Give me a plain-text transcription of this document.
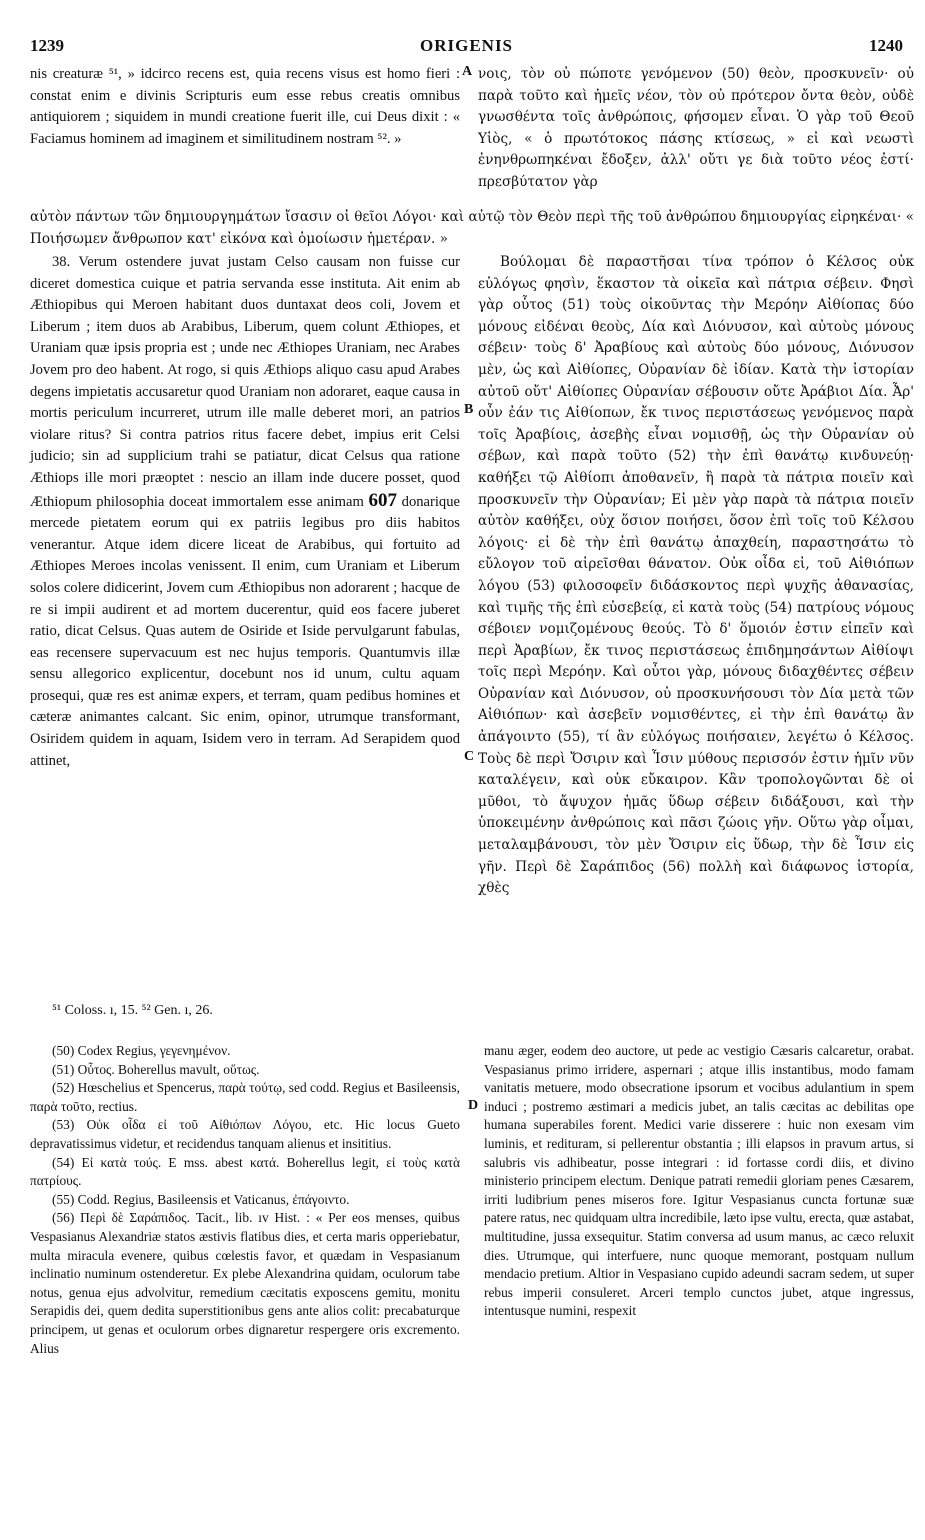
1239	ORIGENIS	1240

nis creaturæ ⁵¹, » idcirco recens est, quia recens visus est homo fieri : constat enim e divinis Scripturis eum esse rebus creatis omnibus antiquiorem ; siquidem in mundi creatione fuerit ille, cui Deus dixit : « Faciamus hominem ad imaginem et similitudinem nostram ⁵². »

A νοις, τὸν οὐ πώποτε γενόμενον (50) θεὸν, προσκυνεῖν· οὐ παρὰ τοῦτο καὶ ἡμεῖς νέον, τὸν οὐ πρότερον ὄντα θεὸν, οὐδὲ γνωσθέντα τοῖς ἀνθρώποις, φήσομεν εἶναι. Ὁ γὰρ τοῦ Θεοῦ Υἱὸς, « ὁ πρωτότοκος πάσης κτίσεως, » εἰ καὶ νεωστὶ ἐνηνθρωπηκέναι ἔδοξεν, ἀλλ' οὔτι γε διὰ τοῦτο νέος ἐστί· πρεσβύτατον γὰρ

αὐτὸν πάντων τῶν δημιουργημάτων ἴσασιν οἱ θεῖοι Λόγοι· καὶ αὐτῷ τὸν Θεὸν περὶ τῆς τοῦ ἀνθρώπου δημιουργίας εἰρηκέναι· « Ποιήσωμεν ἄνθρωπον κατ' εἰκόνα καὶ ὁμοίωσιν ἡμετέραν. »

38. Verum ostendere juvat justam Celso causam non fuisse cur diceret domestica cuique et patria servanda esse instituta. Ait enim ab Æthiopibus qui Meroen habitant duos duntaxat deos coli, Jovem et Liberum ; item duos ab Arabibus, Liberum, quem colunt Æthiopes, et Uraniam quæ ipsis propria est ; unde nec Æthiopes Uraniam, nec Arabes Jovem pro deo habent. At rogo, si quis Æthiops aliquo casu apud Arabes degens impietatis accusaretur quod Uraniam non adoraret, eaque causa in mortis periculum incurreret, utrum ille malle deberet mori, an patrios violare ritus? Si contra patrios ritus facere debet, impius erit Celsi judicio; sin ad supplicium trahi se patiatur, dicat Celsus qua ratione Æthiops ille mori præoptet : nescio an illam inde ducere posset, quod Æthiopum philosophia doceat immortalem esse animam 607 donarique mercede pietatem eorum qui ex patriis legibus pro diis habitos venerantur. Atque idem dicere liceat de Arabibus, qui fortuito ad Æthiopes Meroes incolas venissent. Il enim, cum Uraniam et Liberum solos colere didicerint, Jovem cum Æthiopibus non adorarent ; hacque de re si impii audirent et ad mortem ducerentur, quid eos facere juberet ratio, dicat Celsus. Quas autem de Osiride et Iside pervulgarunt fabulas, eas recensere supervacuum est nec hujus temporis. Quantumvis illæ sensu allegorico explicentur, docebunt nos id unum, cultu aquam prosequi, quæ res est animæ expers, et terram, quam pedibus homines et cæteræ animantes calcant. Sic enim, opinor, utrumque transformant, Osiridem quidem in aquam, Isidem vero in terram. Ad Serapidem quod attinet,

B
C

Βούλομαι δὲ παραστῆσαι τίνα τρόπον ὁ Κέλσος οὐκ εὐλόγως φησὶν, ἕκαστον τὰ οἰκεῖα καὶ πάτρια σέβειν. Φησὶ γὰρ οὗτος (51) τοὺς οἰκοῦντας τὴν Μερόην Αἰθίοπας δύο μόνους εἰδέναι θεοὺς, Δία καὶ Διόνυσον, καὶ αὐτοὺς μόνους σέβειν· τοὺς δ' Ἀραβίους καὶ αὐτοὺς δύο μόνους, Διόνυσον μὲν, ὡς καὶ Αἰθίοπες, Οὐρανίαν δὲ ἰδίαν. Κατὰ τὴν ἱστορίαν αὐτοῦ οὔτ' Αἰθίοπες Οὐρανίαν σέβουσιν οὔτε Ἀράβιοι Δία. Ἆρ' οὖν ἐάν τις Αἰθίοπων, ἔκ τινος περιστάσεως γενόμενος παρὰ τοῖς Ἀραβίοις, ἀσεβὴς εἶναι νομισθῇ, ὡς τὴν Οὐρανίαν οὐ σέβων, καὶ παρὰ τοῦτο (52) τὴν ἐπὶ θανάτῳ κινδυνεύῃ· καθήξει τῷ Αἰθίοπι ἀποθανεῖν, ἢ παρὰ τὰ πάτρια ποιεῖν καὶ προσκυνεῖν τὴν Οὐρανίαν; Εἰ μὲν γὰρ παρὰ τὰ πάτρια ποιεῖν αὐτὸν καθήξει, οὐχ ὅσιον ποιήσει, ὅσον ἐπὶ τοῖς τοῦ Κέλσου λόγοις· εἰ δὲ τὴν ἐπὶ θανάτῳ ἀπαχθείη, παραστησάτω τὸ εὔλογον τοῦ αἱρεῖσθαι θάνατον. Οὐκ οἶδα εἰ, τοῦ Αἰθιόπων λόγου (53) φιλοσοφεῖν διδάσκοντος περὶ ψυχῆς ἀθανασίας, καὶ τιμῆς τῆς ἐπὶ εὐσεβείᾳ, εἰ κατὰ τοὺς (54) πατρίους νόμους σέβοιεν νομιζομένους θεούς. Τὸ δ' ὅμοιόν ἐστιν εἰπεῖν καὶ περὶ Ἀραβίων, ἔκ τινος περιστάσεως ἐπιδημησάντων Αἰθίοψι τοῖς περὶ Μερόην. Καὶ οὗτοι γὰρ, μόνους διδαχθέντες σέβειν Οὐρανίαν καὶ Διόνυσον, οὐ προσκυνήσουσι τὸν Δία μετὰ τῶν Αἰθιόπων· καὶ ἀσεβεῖν νομισθέντες, εἰ τὴν ἐπὶ θανάτῳ ἂν ἀπάγοιντο (55), τί ἂν εὐλόγως ποιήσαιεν, λεγέτω ὁ Κέλσος. Τοὺς δὲ περὶ Ὄσιριν καὶ Ἶσιν μύθους περισσόν ἐστιν ἡμῖν νῦν καταλέγειν, καὶ οὐκ εὔκαιρον. Κἂν τροπολογῶνται δὲ οἱ μῦθοι, τὸ ἄψυχον ἡμᾶς ὕδωρ σέβειν διδάξουσι, καὶ τὴν ὑποκειμένην ἀνθρώποις καὶ πᾶσι ζώοις γῆν. Οὕτω γὰρ οἶμαι, μεταλαμβάνουσι, τὸν μὲν Ὄσιριν εἰς ὕδωρ, τὴν δὲ Ἶσιν εἰς γῆν. Περὶ δὲ Σαράπιδος (56) πολλὴ καὶ διάφωνος ἱστορία, χθὲς

⁵¹ Coloss. ı, 15. ⁵² Gen. ı, 26.

(50) Codex Regius, γεγενημένον.

(51) Οὗτος. Boherellus mavult, οὕτως.

(52) Hœschelius et Spencerus, παρὰ τούτῳ, sed codd. Regius et Basileensis, παρὰ τοῦτο, rectius.

(53) Οὐκ οἶδα εἰ τοῦ Αἰθιόπων Λόγου, etc. Hic locus Gueto depravatissimus videtur, et recidendus tanquam alienus et insititius.

(54) Εἰ κατὰ τούς. E mss. abest κατά. Boherellus legit, εἰ τοὺς κατὰ πατρίους.

(55) Codd. Regius, Basileensis et Vaticanus, ἐπάγοιντο.

(56) Περὶ δὲ Σαράπιδος. Tacit., lib. ıv Hist. : « Per eos menses, quibus Vespasianus Alexandriæ statos æstivis flatibus dies, et certa maris opperiebatur, multa miracula evenere, quibus cœlestis favor, et quædam in Vespasianum inclinatio numinum ostenderetur. Ex plebe Alexandrina quidam, oculorum tabe notus, genua ejus advolvitur, remedium cæcitatis exposcens gemitu, monitu Serapidis dei, quem dedita superstitionibus gens ante alios colit: precabaturque principem, ut genas et oculorum orbes dignaretur respergere oris excremento. Alius

D

manu æger, eodem deo auctore, ut pede ac vestigio Cæsaris calcaretur, orabat. Vespasianus primo irridere, aspernari ; atque illis instantibus, modo famam vanitatis metuere, modo obsecratione ipsorum et vocibus adulantium in spem induci ; postremo æstimari a medicis jubet, an talis cæcitas ac debilitas ope humana superabiles forent. Medici varie disserere : huic non exesam vim luminis, et redituram, si pellerentur obstantia ; illi elapsos in pravum artus, si salubris vis adhibeatur, posse integrari : id fortasse cordi diis, et divino ministerio principem electum. Denique patrati remedii gloriam penes Cæsarem, irriti ludibrium penes miseros fore. Igitur Vespasianus cuncta fortunæ suæ patere ratus, nec quidquam ultra incredibile, læto ipse vultu, erecta, quæ astabat, multitudine, jussa exsequitur. Statim conversa ad usum manus, ac cæco reluxit dies. Utrumque, qui interfuere, nunc quoque memorant, postquam nullum mendacio pretium. Altior in Vespasiano cupido adeundi sacram sedem, ut super rebus imperii consuleret. Arceri templo cunctos jubet, atque ingressus, intentusque numini, respexit
